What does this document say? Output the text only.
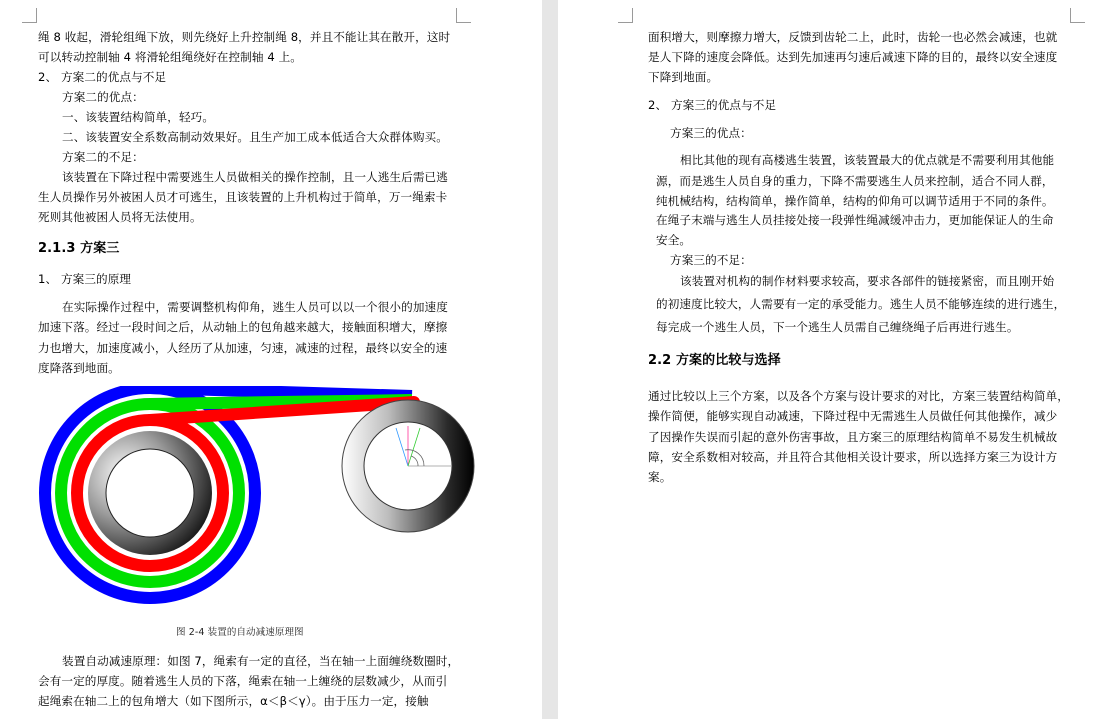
绳 8 收起，滑轮组绳下放，则先绕好上升控制绳 8，并且不能让其在散开，这时
可以转动控制轴 4 将滑轮组绳绕好在控制轴 4 上。
2、 方案二的优点与不足
方案二的优点：
一、该装置结构简单，轻巧。
二、该装置安全系数高制动效果好。且生产加工成本低适合大众群体购买。
方案二的不足：
该装置在下降过程中需要逃生人员做相关的操作控制，且一人逃生后需已逃
生人员操作另外被困人员才可逃生，且该装置的上升机构过于简单，万一绳索卡
死则其他被困人员将无法使用。
2.1.3 方案三
1、 方案三的原理
在实际操作过程中，需要调整机构仰角，逃生人员可以以一个很小的加速度
加速下落。经过一段时间之后，从动轴上的包角越来越大，接触面积增大，摩擦
力也增大，加速度减小，人经历了从加速，匀速，减速的过程，最终以安全的速
度降落到地面。
图 2-4 装置的自动减速原理图
装置自动减速原理：如图 7，绳索有一定的直径，当在轴一上面缠绕数圈时，
会有一定的厚度。随着逃生人员的下落，绳索在轴一上缠绕的层数减少，从而引
起绳索在轴二上的包角增大（如下图所示，α＜β＜γ）。由于压力一定，接触
面积增大，则摩擦力增大，反馈到齿轮二上，此时，齿轮一也必然会减速，也就
是人下降的速度会降低。达到先加速再匀速后减速下降的目的，最终以安全速度
下降到地面。
2、 方案三的优点与不足
方案三的优点：
相比其他的现有高楼逃生装置，该装置最大的优点就是不需要利用其他能
源，而是逃生人员自身的重力，下降不需要逃生人员来控制，适合不同人群，
纯机械结构，结构简单，操作简单，结构的仰角可以调节适用于不同的条件。
在绳子末端与逃生人员挂接处接一段弹性绳减缓冲击力，更加能保证人的生命
安全。
方案三的不足：
该装置对机构的制作材料要求较高，要求各部件的链接紧密，而且刚开始
的初速度比较大，人需要有一定的承受能力。逃生人员不能够连续的进行逃生，
每完成一个逃生人员，下一个逃生人员需自己缠绕绳子后再进行逃生。
2.2 方案的比较与选择
通过比较以上三个方案，以及各个方案与设计要求的对比，方案三装置结构简单，
操作简便，能够实现自动减速，下降过程中无需逃生人员做任何其他操作，减少
了因操作失误而引起的意外伤害事故，且方案三的原理结构简单不易发生机械故
障，安全系数相对较高，并且符合其他相关设计要求，所以选择方案三为设计方
案。
